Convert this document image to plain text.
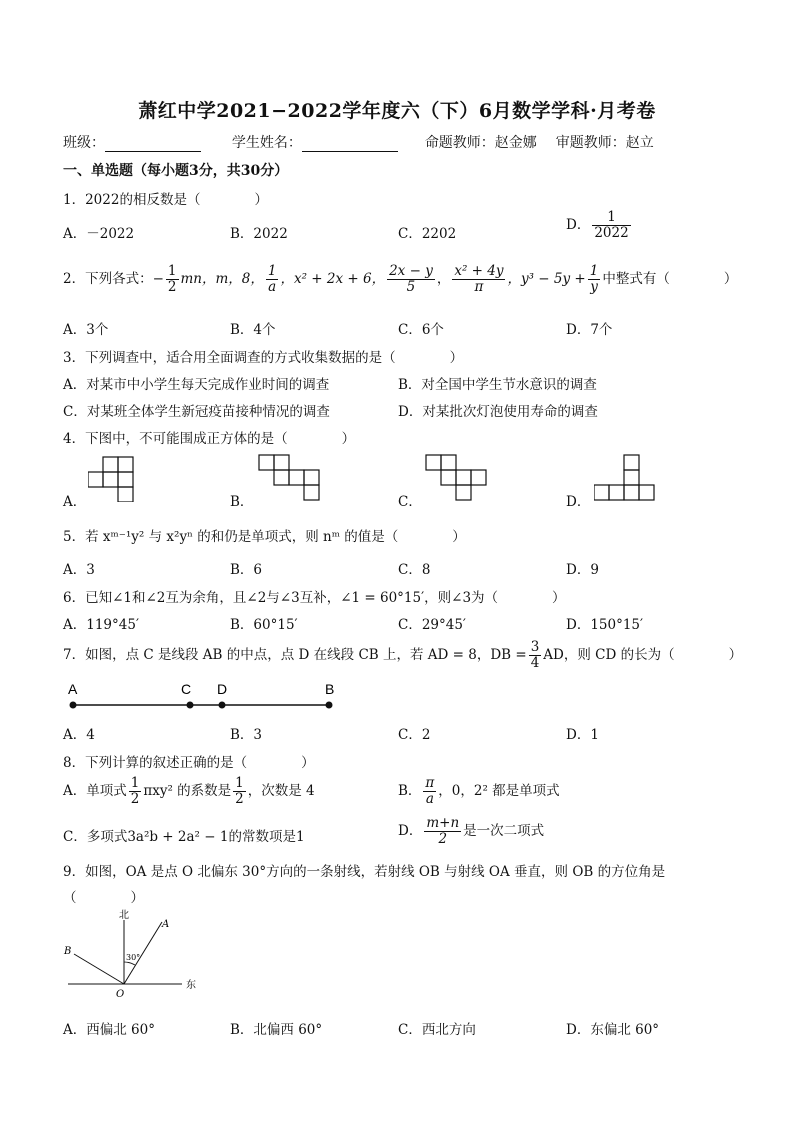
萧红中学2021−2022学年度六（下）6月数学学科·月考卷
班级：	学生姓名：	命题教师：赵金娜 审题教师：赵立
一、单选题（每小题3分，共30分）
1．2022的相反数是（　　　　）
A．－2022	B．2022	C．2202
D． $\frac{1}{2022}$
2．下列各式：− $\frac{1}{2}$ mn，m，8， $\frac{1}{a}$ ，x² + 2x + 6， $\frac{2x - y}{5}$ ， $\frac{\text{x² + 4y}}{\pi}$ ，$y^3 - 5y + \frac{1}{y}$ 中整式有（　　　　）
A．3个	B．4个	C．6个	D．7个
3．下列调查中，适合用全面调查的方式收集数据的是（　　　　）
A．对某市中小学生每天完成作业时间的调查	B．对全国中学生节水意识的调查
C．对某班全体学生新冠疫苗接种情况的调查	D．对某批次灯泡使用寿命的调查
4．下图中，不可能围成正方体的是（　　　　）
A．	B．	C．	D．
5．若 xᵐ⁻¹y² 与 x²yⁿ 的和仍是单项式，则 nᵐ 的值是（　　　　）
A．3	B．6	C．8	D．9
6．已知∠1和∠2互为余角，且∠2与∠3互补，∠1 = 60°15′，则∠3为（　　　　）
A．119°45′	B．60°15′	C．29°45′	D．150°15′
7．如图，点 C 是线段 AB 的中点，点 D 在线段 CB 上，若 AD = 8，DB = $\frac{3}{4}$ AD，则 CD 的长为（　　　　）
A	C D	B
A．4	B．3	C．2	D．1
8．下列计算的叙述正确的是（　　　　）
A．单项式 $\frac{1}{2} \pi xy^2$ 的系数是 $\frac{1}{2}$ ，次数是 4	B． $\frac{\pi}{a}$ ，0，2² 都是单项式
C．多项式3a²b + 2a² − 1的常数项是1	D． $\frac{m+n}{2}$ 是一次二项式
9．如图，OA 是点 O 北偏东 30°方向的一条射线，若射线 OB 与射线 OA 垂直，则 OB 的方位角是
（　　　　）
北
东
A
B
O
30°
A．西偏北 60°	B．北偏西 60°	C．西北方向	D．东偏北 60°
